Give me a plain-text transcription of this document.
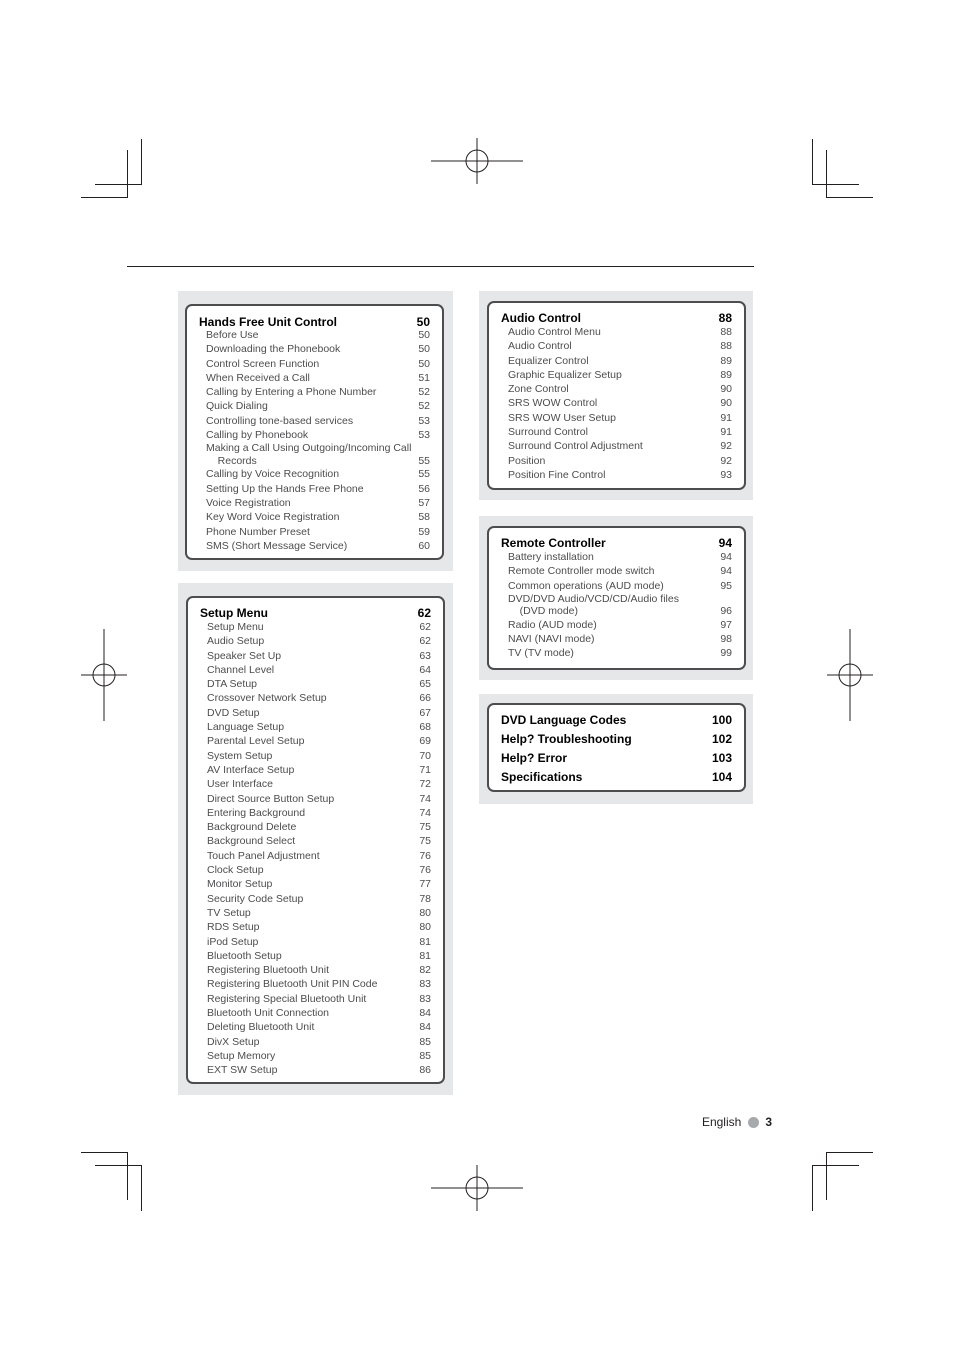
Hands Free Unit Control	50
Before Use	50
Downloading the Phonebook	50
Control Screen Function	50
When Received a Call	51
Calling by Entering a Phone Number	52
Quick Dialing	52
Controlling tone-based services	53
Calling by Phonebook	53
Making a Call Using Outgoing/Incoming Call
Records	55
Calling by Voice Recognition	55
Setting Up the Hands Free Phone	56
Voice Registration	57
Key Word Voice Registration	58
Phone Number Preset	59
SMS (Short Message Service)	60
Setup Menu	62
Setup Menu	62
Audio Setup	62
Speaker Set Up	63
Channel Level	64
DTA Setup	65
Crossover Network Setup	66
DVD Setup	67
Language Setup	68
Parental Level Setup	69
System Setup	70
AV Interface Setup	71
User Interface	72
Direct Source Button Setup	74
Entering Background	74
Background Delete	75
Background Select	75
Touch Panel Adjustment	76
Clock Setup	76
Monitor Setup	77
Security Code Setup	78
TV Setup	80
RDS Setup	80
iPod Setup	81
Bluetooth Setup	81
Registering Bluetooth Unit	82
Registering Bluetooth Unit PIN Code	83
Registering Special Bluetooth Unit	83
Bluetooth Unit Connection	84
Deleting Bluetooth Unit	84
DivX Setup	85
Setup Memory	85
EXT SW Setup	86
Audio Control	88
Audio Control Menu	88
Audio Control	88
Equalizer Control	89
Graphic Equalizer Setup	89
Zone Control	90
SRS WOW Control	90
SRS WOW User Setup	91
Surround Control	91
Surround Control Adjustment	92
Position	92
Position Fine Control	93
Remote Controller	94
Battery installation	94
Remote Controller mode switch	94
Common operations (AUD mode)	95
DVD/DVD Audio/VCD/CD/Audio files
(DVD mode)	96
Radio (AUD mode)	97
NAVI (NAVI mode)	98
TV (TV mode)	99
DVD Language Codes	100
Help? Troubleshooting	102
Help? Error	103
Specifications	104
English 3
